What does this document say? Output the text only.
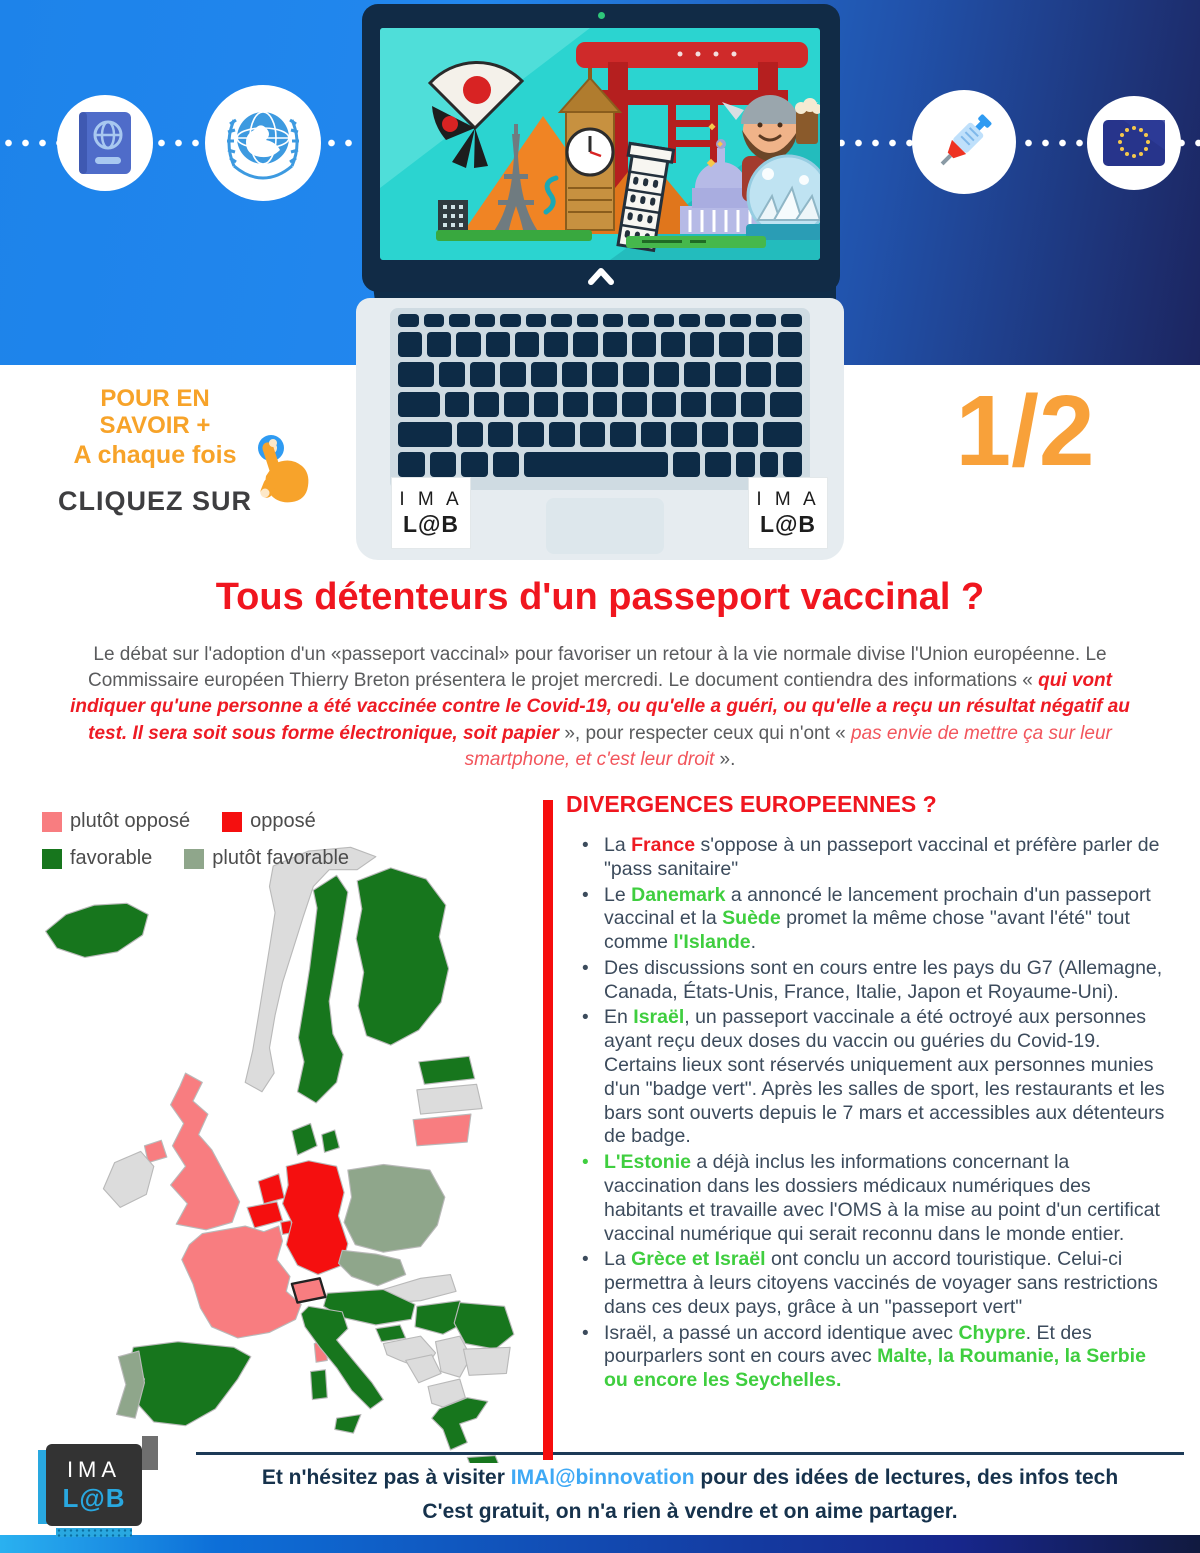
I M A
L@B
I M A
L@B
POUR EN
SAVOIR +
A chaque fois
CLIQUEZ SUR
1/2
Tous détenteurs d'un passeport vaccinal ?
Le débat sur l'adoption d'un «passeport vaccinal» pour favoriser un retour à la vie normale divise l'Union européenne. Le Commissaire européen Thierry Breton présentera le projet mercredi. Le document contiendra des informations « qui vont indiquer qu'une personne a été vaccinée contre le Covid-19, ou qu'elle a guéri, ou qu'elle a reçu un résultat négatif au test. Il sera soit sous forme électronique, soit papier », pour respecter ceux qui n'ont « pas envie de mettre ça sur leur smartphone, et c'est leur droit ».
plutôt opposé	opposé
favorable	plutôt favorable
DIVERGENCES EUROPEENNES ?
• La France s'oppose à un passeport vaccinal et préfère parler de "pass sanitaire"
• Le Danemark a annoncé le lancement prochain d'un passeport vaccinal et la Suède promet la même chose "avant l'été" tout comme l'Islande.
• Des discussions sont en cours entre les pays du G7 (Allemagne, Canada, États-Unis, France, Italie, Japon et Royaume-Uni).
• En Israël, un passeport vaccinale a été octroyé aux personnes ayant reçu deux doses du vaccin ou guéries du Covid-19. Certains lieux sont réservés uniquement aux personnes munies d'un "badge vert". Après les salles de sport, les restaurants et les bars sont ouverts depuis le 7 mars et accessibles aux détenteurs de badge.
• L'Estonie a déjà inclus les informations concernant la vaccination dans les dossiers médicaux numériques des habitants et travaille avec l'OMS à la mise au point d'un certificat vaccinal numérique qui serait reconnu dans le monde entier.
• La Grèce et Israël ont conclu un accord touristique. Celui-ci permettra à leurs citoyens vaccinés de voyager sans restrictions dans ces deux pays, grâce à un "passeport vert"
• Israël, a passé un accord identique avec Chypre. Et des pourparlers sont en cours avec Malte, la Roumanie, la Serbie ou encore les Seychelles.
IMA
L@B
Et n'hésitez pas à visiter IMAl@binnovation pour des idées de lectures, des infos tech
C'est gratuit, on n'a rien à vendre et on aime partager.
